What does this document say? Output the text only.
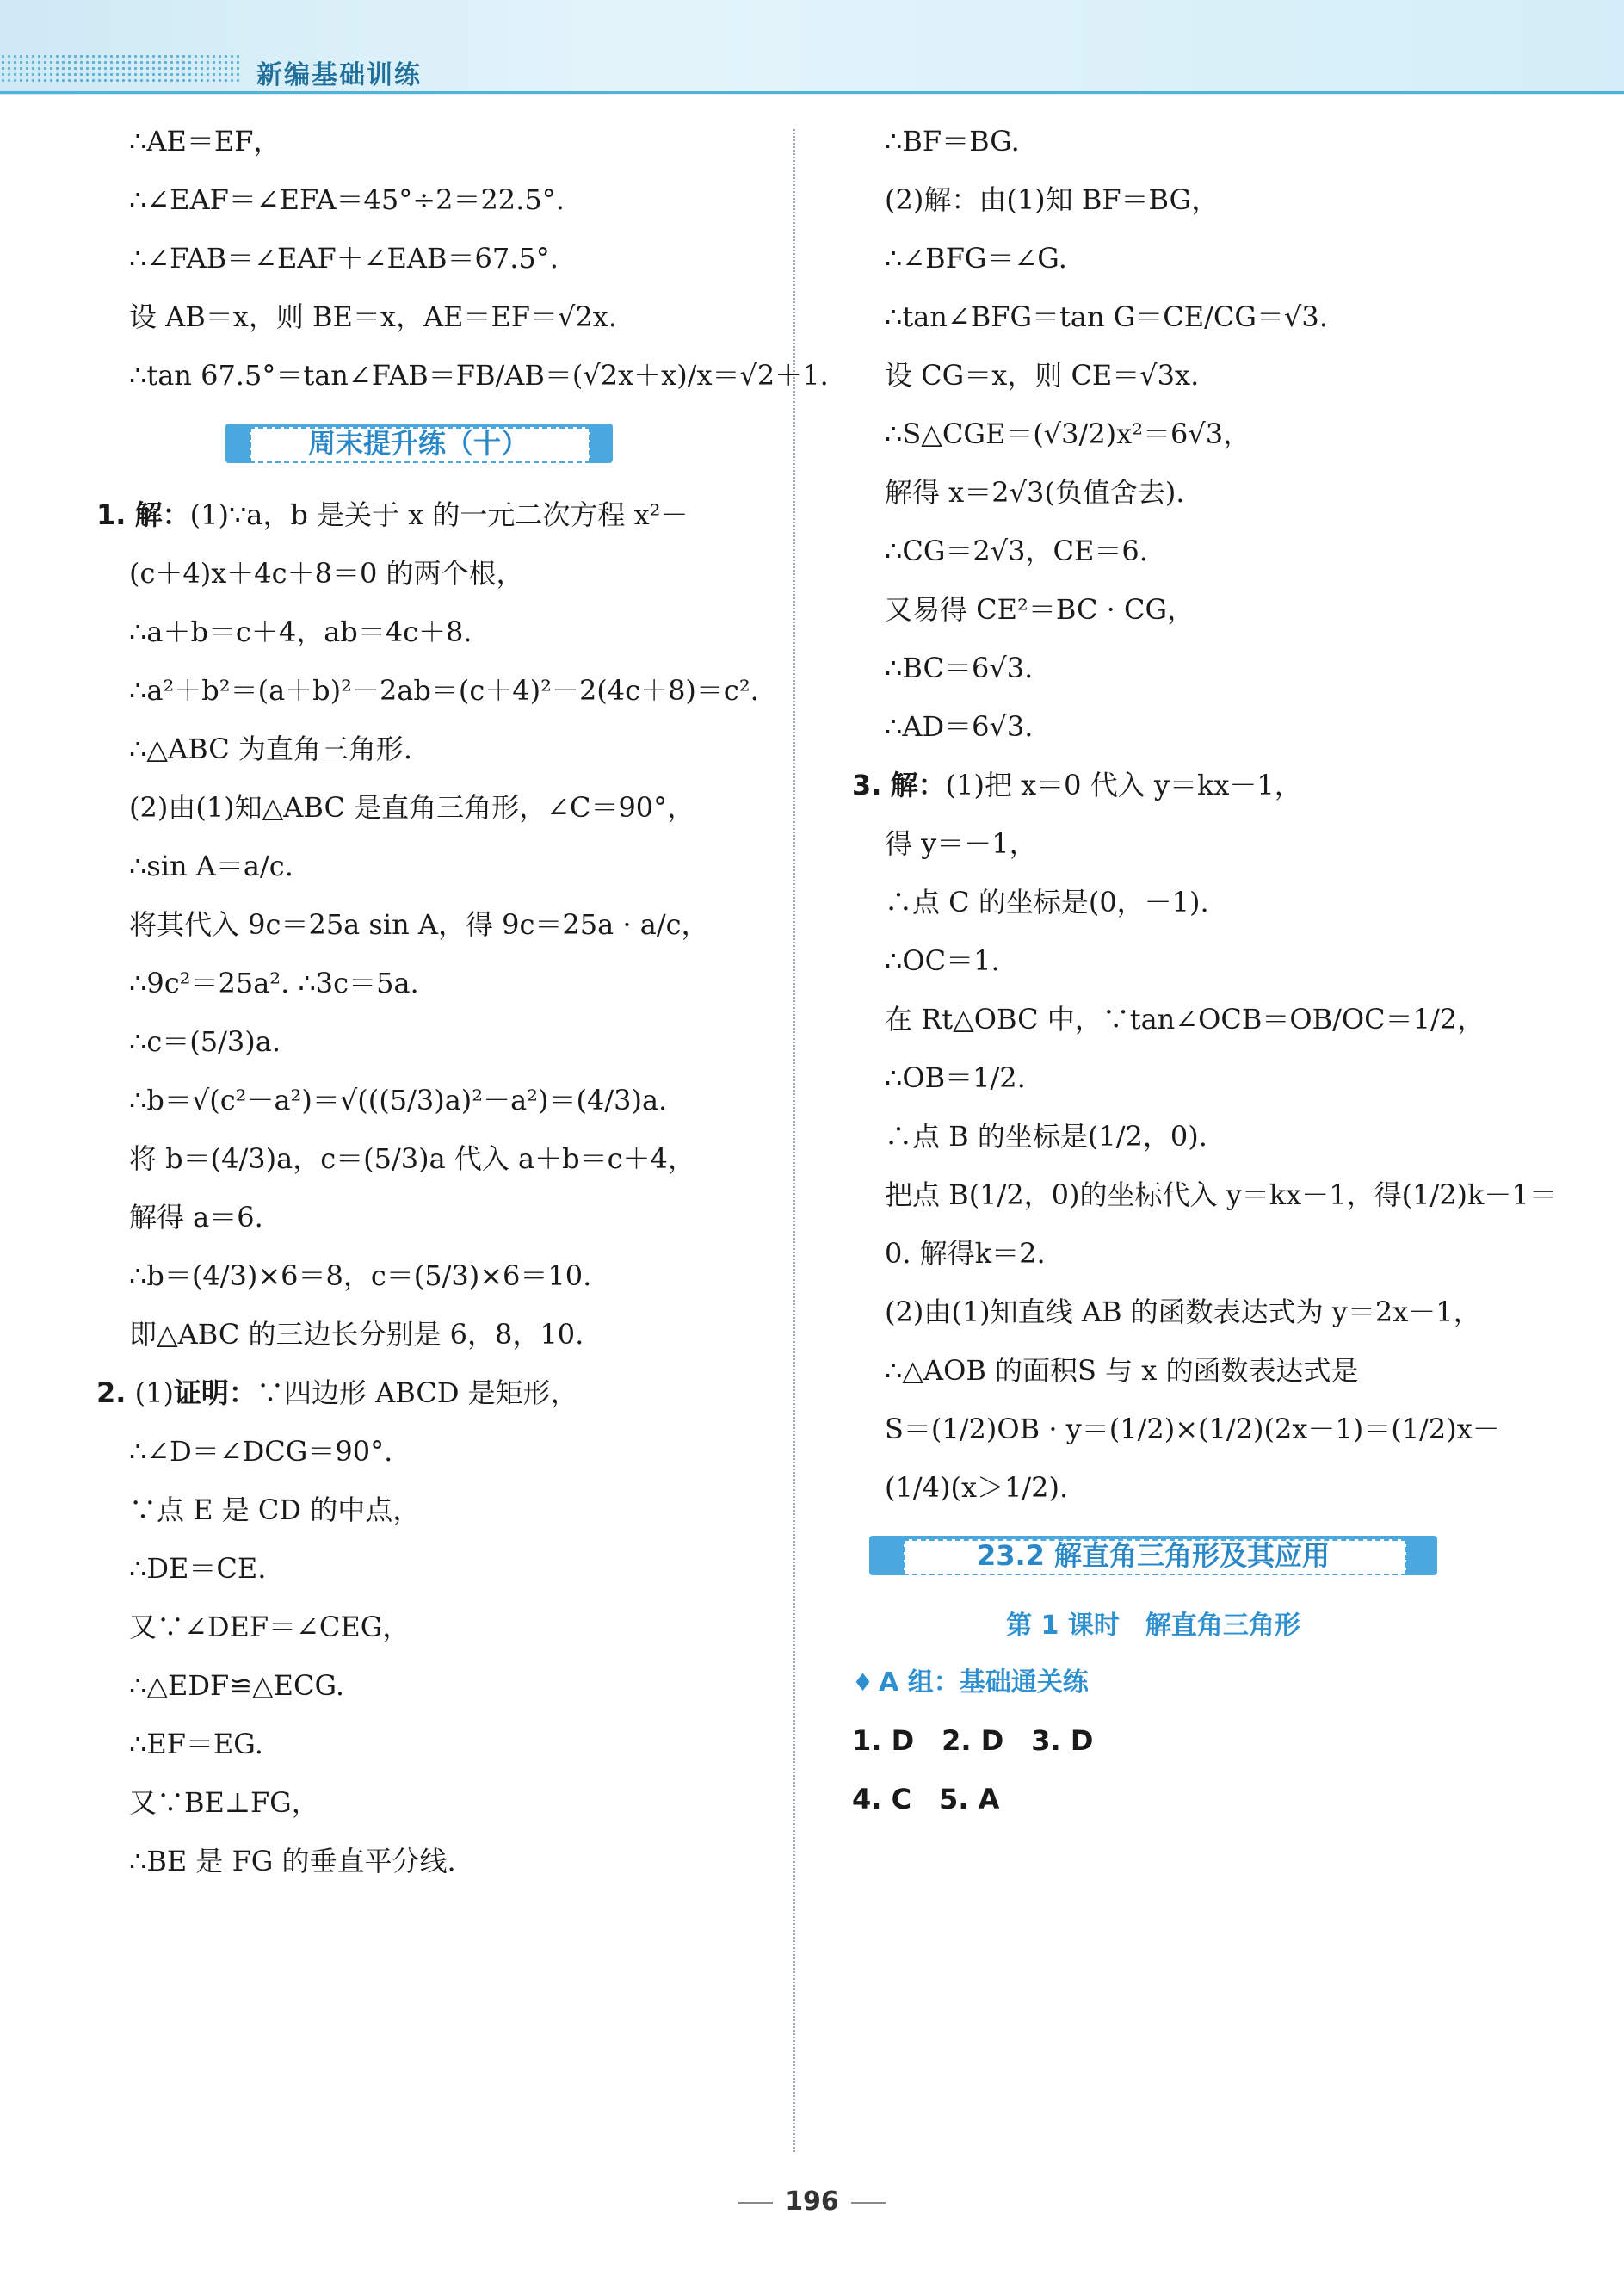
新编基础训练
∴AE＝EF，
∴∠EAF＝∠EFA＝45°÷2＝22.5°.
∴∠FAB＝∠EAF＋∠EAB＝67.5°.
设 AB＝x，则 BE＝x，AE＝EF＝√2x.
∴tan 67.5°＝tan∠FAB＝FB/AB＝(√2x＋x)/x＝√2＋1.
周末提升练（十）
1. 解：(1)∵a，b 是关于 x 的一元二次方程 x²－
(c＋4)x＋4c＋8＝0 的两个根，
∴a＋b＝c＋4，ab＝4c＋8.
∴a²＋b²＝(a＋b)²－2ab＝(c＋4)²－2(4c＋8)＝c².
∴△ABC 为直角三角形.
(2)由(1)知△ABC 是直角三角形，∠C＝90°，
∴sin A＝a/c.
将其代入 9c＝25a sin A，得 9c＝25a · a/c，
∴9c²＝25a². ∴3c＝5a.
∴c＝(5/3)a.
∴b＝√(c²－a²)＝√(((5/3)a)²－a²)＝(4/3)a.
将 b＝(4/3)a，c＝(5/3)a 代入 a＋b＝c＋4，
解得 a＝6.
∴b＝(4/3)×6＝8，c＝(5/3)×6＝10.
即△ABC 的三边长分别是 6，8，10.
2. (1)证明：∵四边形 ABCD 是矩形，
∴∠D＝∠DCG＝90°.
∵点 E 是 CD 的中点，
∴DE＝CE.
又∵∠DEF＝∠CEG，
∴△EDF≌△ECG.
∴EF＝EG.
又∵BE⊥FG，
∴BE 是 FG 的垂直平分线.
∴BF＝BG.
(2)解：由(1)知 BF＝BG，
∴∠BFG＝∠G.
∴tan∠BFG＝tan G＝CE/CG＝√3.
设 CG＝x，则 CE＝√3x.
∴S△CGE＝(√3/2)x²＝6√3，
解得 x＝2√3(负值舍去).
∴CG＝2√3，CE＝6.
又易得 CE²＝BC · CG，
∴BC＝6√3.
∴AD＝6√3.
3. 解：(1)把 x＝0 代入 y＝kx－1，
得 y＝－1，
∴点 C 的坐标是(0，－1).
∴OC＝1.
在 Rt△OBC 中，∵tan∠OCB＝OB/OC＝1/2，
∴OB＝1/2.
∴点 B 的坐标是(1/2，0).
把点 B(1/2，0)的坐标代入 y＝kx－1，得(1/2)k－1＝
0. 解得k＝2.
(2)由(1)知直线 AB 的函数表达式为 y＝2x－1，
∴△AOB 的面积S 与 x 的函数表达式是
S＝(1/2)OB · y＝(1/2)×(1/2)(2x－1)＝(1/2)x－
(1/4)(x＞1/2).
23.2 解直角三角形及其应用
第 1 课时　解直角三角形
♦ A 组：基础通关练
1. D　2. D　3. D
4. C　5. A
196
